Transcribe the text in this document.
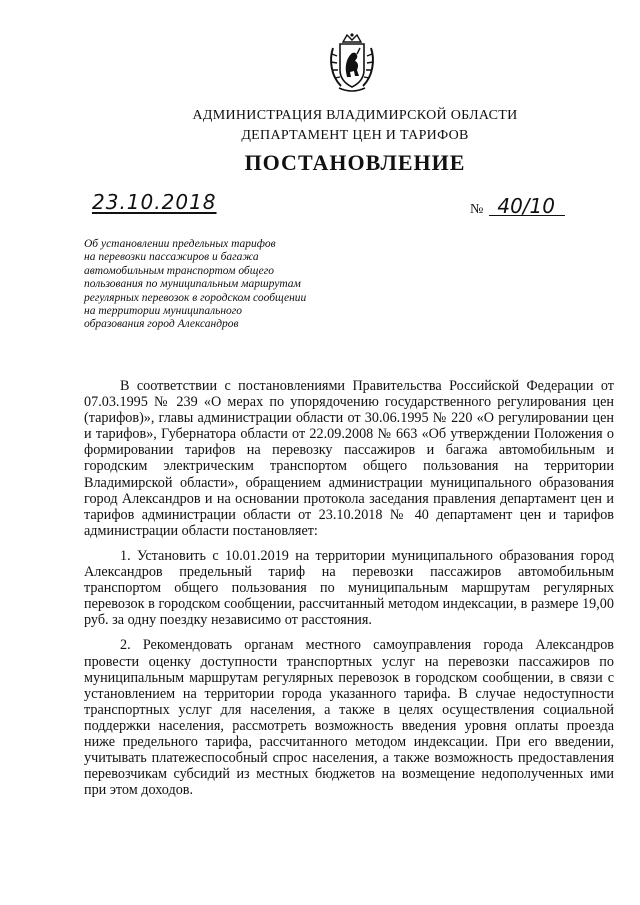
АДМИНИСТРАЦИЯ ВЛАДИМИРСКОЙ ОБЛАСТИ
ДЕПАРТАМЕНТ ЦЕН И ТАРИФОВ
ПОСТАНОВЛЕНИЕ
23.10.2018	№ 40/10
Об установлении предельных тарифов
на перевозки пассажиров и багажа
автомобильным транспортом общего
пользования по муниципальным маршрутам
регулярных перевозок в городском сообщении
на территории муниципального
образования город Александров

В соответствии с постановлениями Правительства Российской Федерации от 07.03.1995 № 239 «О мерах по упорядочению государственного регулирования цен (тарифов)», главы администрации области от 30.06.1995 № 220 «О регулировании цен и тарифов», Губернатора области от 22.09.2008 № 663 «Об утверждении Положения о формировании тарифов на перевозку пассажиров и багажа автомобильным и городским электрическим транспортом общего пользования на территории Владимирской области», обращением администрации муниципального образования город Александров и на основании протокола заседания правления департамент цен и тарифов администрации области от 23.10.2018 № 40 департамент цен и тарифов администрации области постановляет:

1. Установить с 10.01.2019 на территории муниципального образования город Александров предельный тариф на перевозки пассажиров автомобильным транспортом общего пользования по муниципальным маршрутам регулярных перевозок в городском сообщении, рассчитанный методом индексации, в размере 19,00 руб. за одну поездку независимо от расстояния.

2. Рекомендовать органам местного самоуправления города Александров провести оценку доступности транспортных услуг на перевозки пассажиров по муниципальным маршрутам регулярных перевозок в городском сообщении, в связи с установлением на территории города указанного тарифа. В случае недоступности транспортных услуг для населения, а также в целях осуществления социальной поддержки населения, рассмотреть возможность введения уровня оплаты проезда ниже предельного тарифа, рассчитанного методом индексации. При его введении, учитывать платежеспособный спрос населения, а также возможность предоставления перевозчикам субсидий из местных бюджетов на возмещение недополученных ими при этом доходов.
